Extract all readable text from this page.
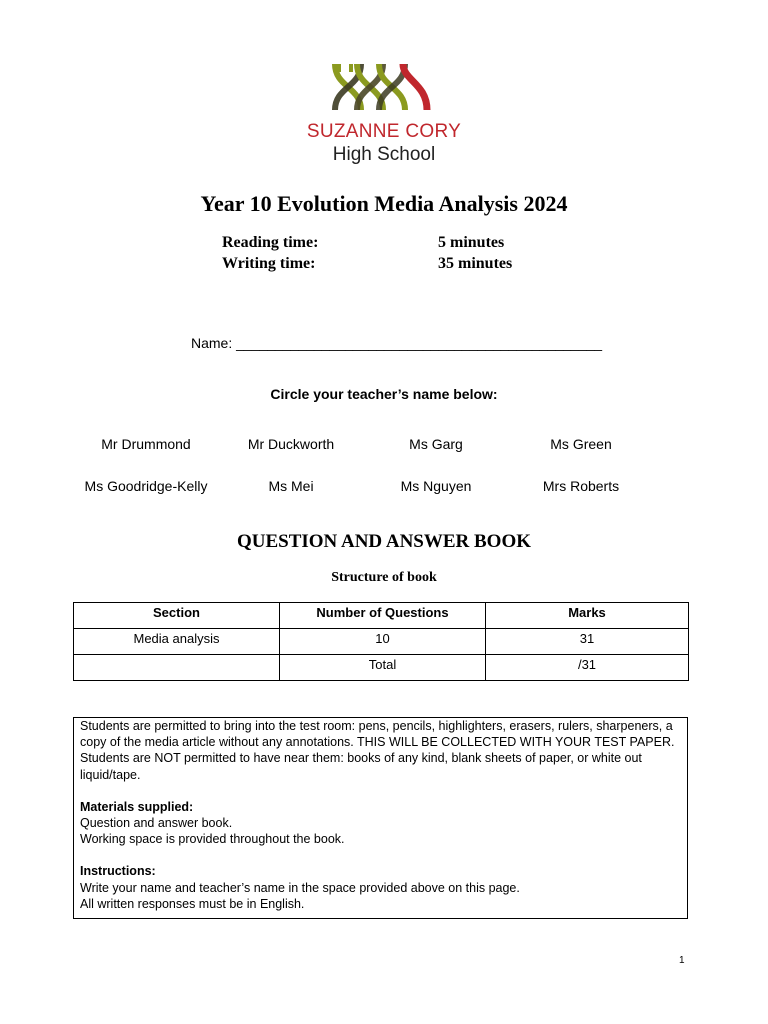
SUZANNE CORY
High School
Year 10 Evolution Media Analysis 2024
Reading time:	5 minutes
Writing time:	35 minutes
Name: _______________________________________________
Circle your teacher’s name below:
Mr Drummond	Mr Duckworth	Ms Garg	Ms Green
Ms Goodridge-Kelly	Ms Mei	Ms Nguyen	Mrs Roberts
QUESTION AND ANSWER BOOK
Structure of book
Section	Number of Questions	Marks
Media analysis	10	31
	Total	/31

Students are permitted to bring into the test room: pens, pencils, highlighters, erasers, rulers, sharpeners, a copy of the media article without any annotations. THIS WILL BE COLLECTED WITH YOUR TEST PAPER.

Students are NOT permitted to have near them: books of any kind, blank sheets of paper, or white out liquid/tape.

Materials supplied:

Question and answer book.

Working space is provided throughout the book.

Instructions:

Write your name and teacher’s name in the space provided above on this page.

All written responses must be in English.

1
